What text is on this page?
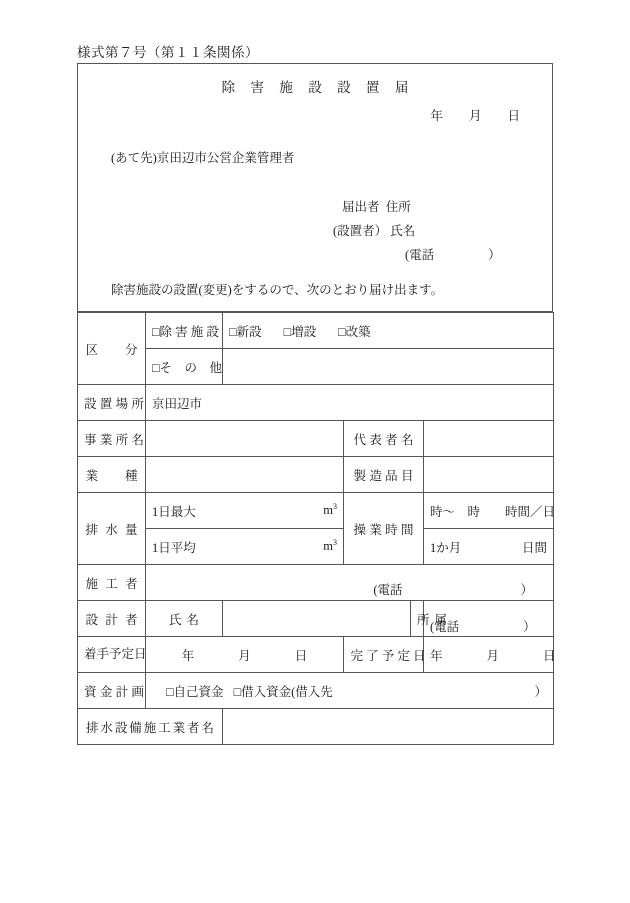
様式第７号（第１１条関係）
除 害 施 設 設 置 届
年 月 日
(あて先)京田辺市公営企業管理者
届出者 住所
(設置者） 氏名
(電話	）
除害施設の設置(変更)をするので、次のとおり届け出ます。
区　　分	□除 害 施 設	□新設 □増設 □改築			
	□そ　の　他				

設 置 場 所	京田辺市				

事 業 所 名			代 表 者 名		

業　　種			製 造 品 目		

排 水 量	1日最大 $m^3$		操 業 時 間		時～　時　　時間／日
	1日平均 $m^3$				1か月 日間

施 工 者	(電話 ）				

設 計 者	氏 名			所 属	(電話 ）

着手予定日	年 月 日		完 了 予 定 日		年 月 日

資 金 計 画	□自己資金 □借入資金(借入先 ）				

排水設備施工業者名					
